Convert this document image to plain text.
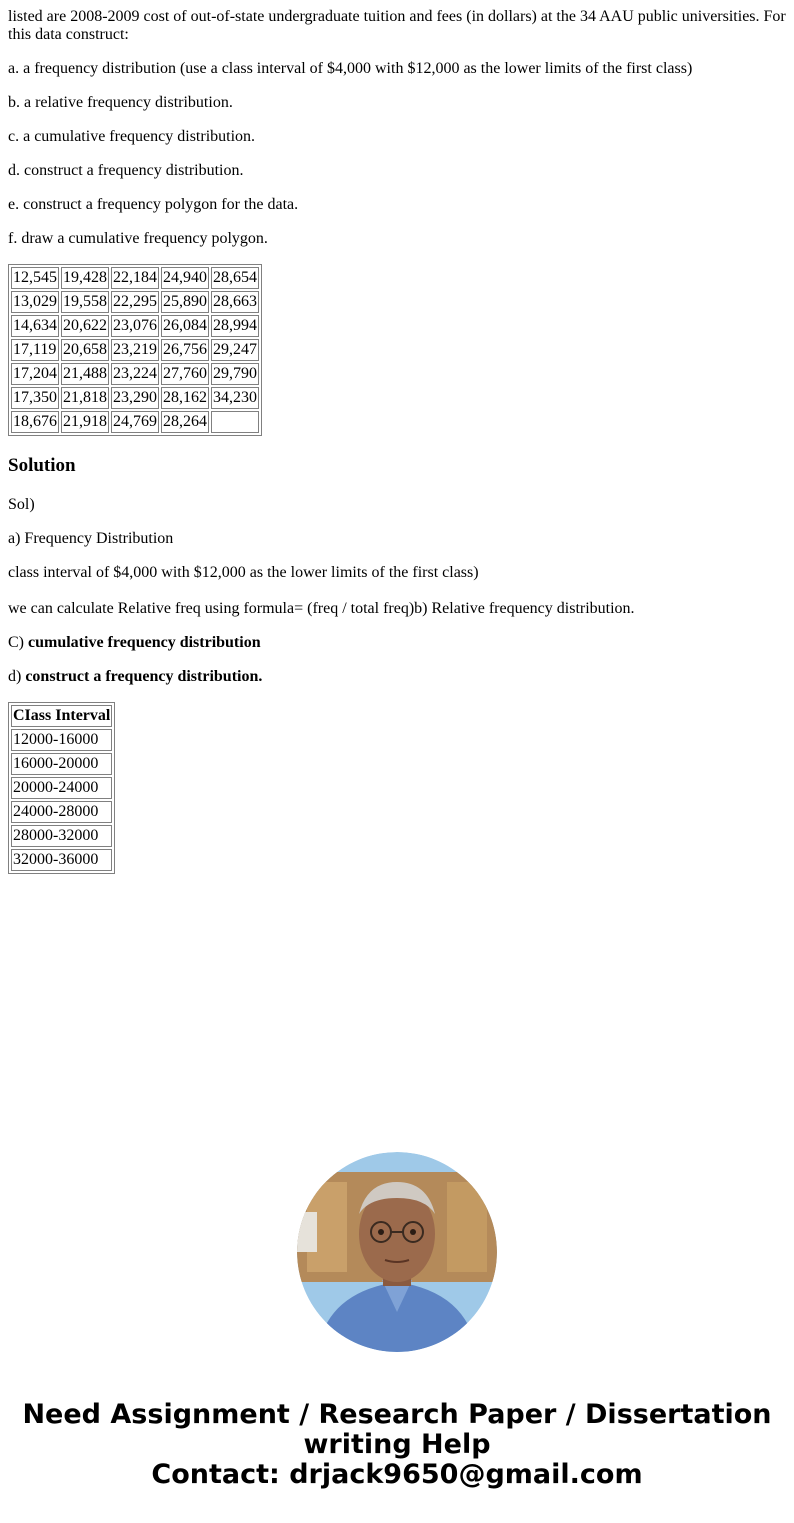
listed are 2008-2009 cost of out-of-state undergraduate tuition and fees (in dollars) at the 34 AAU public universities. For this data construct:

a. a frequency distribution (use a class interval of $4,000 with $12,000 as the lower limits of the first class)

b. a relative frequency distribution.

c. a cumulative frequency distribution.

d. construct a frequency distribution.

e. construct a frequency polygon for the data.

f. draw a cumulative frequency polygon.

12,545	19,428	22,184	24,940	28,654
13,029	19,558	22,295	25,890	28,663
14,634	20,622	23,076	26,084	28,994
17,119	20,658	23,219	26,756	29,247
17,204	21,488	23,224	27,760	29,790
17,350	21,818	23,290	28,162	34,230
18,676	21,918	24,769	28,264	
Solution

Sol)

a) Frequency Distribution

class interval of $4,000 with $12,000 as the lower limits of the first class)

we can calculate Relative freq using formula= (freq / total freq)b) Relative frequency distribution.

C) cumulative frequency distribution

d) construct a frequency distribution.

CIass Interval
12000-16000
16000-20000
20000-24000
24000-28000
28000-32000
32000-36000
Need Assignment / Research Paper / Dissertation
writing Help
Contact: drjack9650@gmail.com
